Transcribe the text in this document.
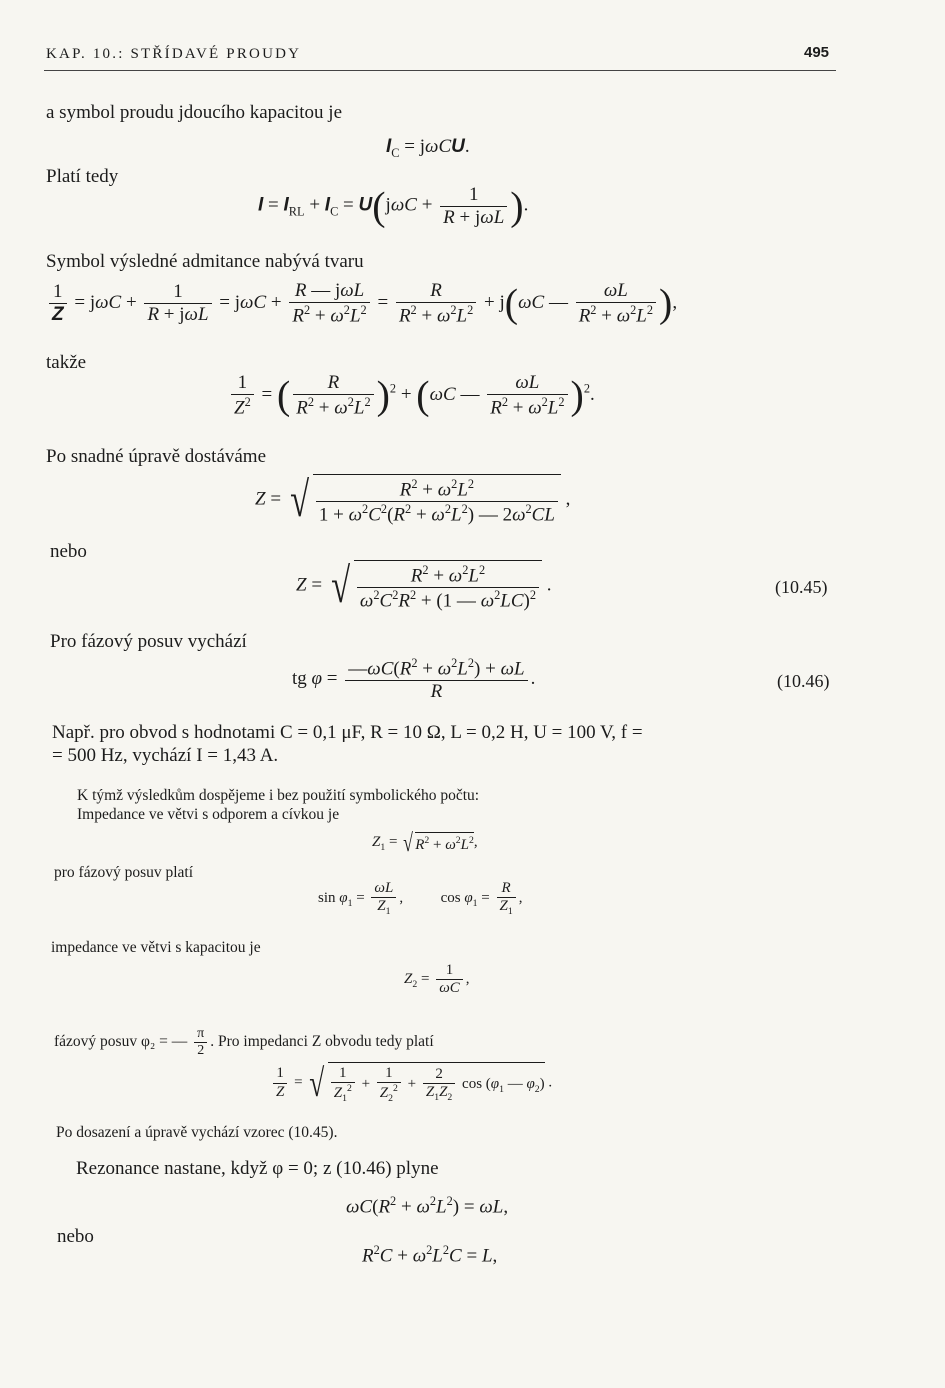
KAP. 10.: STŘÍDAVÉ PROUDY	495
a symbol proudu jdoucího kapacitou je
$I_C = j\omega CU$.
Platí tedy
$I = I_{RL} + I_C = U(j\omega C + \frac{1}{\text{R + jωL}}$ ).
Symbol výsledné admitance nabývá tvaru
$\frac{1}{Z} = j\omega C + \frac{1}{\text{R + jωL}} = j\omega C + \frac{\text{R — jωL}}{R^2 + \omega^2L^2} = \frac{R}{R^2 + \omega^2L^2} + j(\omega C$ — $\frac{\omega L}{R^2 + \omega^2L^2}$ ),
takže
$\frac{1}{Z^2}$ = ( $\frac{R}{R^2 + \omega^2L^2} )^2 + (\omega C$ — $\frac{\omega L}{R^2 + \omega^2L^2} )^2$.
Po snadné úpravě dostáváme
Z = √ $\frac{R^2 + \omega^2L^2}{1 + \omega^2C^2(R^2 + \omega^2L^2) — 2\omega^2CL}$ ,
nebo
Z = √ $\frac{R^2 + \omega^2L^2}{\omega^2C^2R^2 + (1 — \omega^2LC)^2}$ .	(10.45)
Pro fázový posuv vychází
tg $\varphi = \frac{—\omega C(R^2 + \omega^2L^2) + \omega L}{R}$ .	(10.46)
Např. pro obvod s hodnotami C = 0,1 μF, R = 10 Ω, L = 0,2 H, U = 100 V, f =
= 500 Hz, vychází I = 1,43 A.
K týmž výsledkům dospějeme i bez použití symbolického počtu:
Impedance ve větvi s odporem a cívkou je
$Z_1$ = √ $R^2 + \omega^2L^2$ ,
pro fázový posuv platí
$\sin \varphi_1 = \frac{\omega L}{Z_1}$ ,	$\cos \varphi_1 = \frac{R}{Z_1}$ ,
impedance ve větvi s kapacitou je
$Z_2 = \frac{1}{\omega C}$ ,
fázový posuv φ₂ = — $\frac{\pi}{2}$ . Pro impedanci Z obvodu tedy platí
$\frac{1}{Z}$ = √ $\frac{1}{Z_1^2} + \frac{1}{Z_2^2} + \frac{2}{Z_1Z_2}$ $\cos (\varphi_1$ — $\varphi_2$) .
Po dosazení a úpravě vychází vzorec (10.45).
Rezonance nastane, když φ = 0; z (10.46) plyne
$\omega C(R^2 + \omega^2L^2) = \omega L$,
nebo
$R^2C + \omega^2L^2C = L$,
